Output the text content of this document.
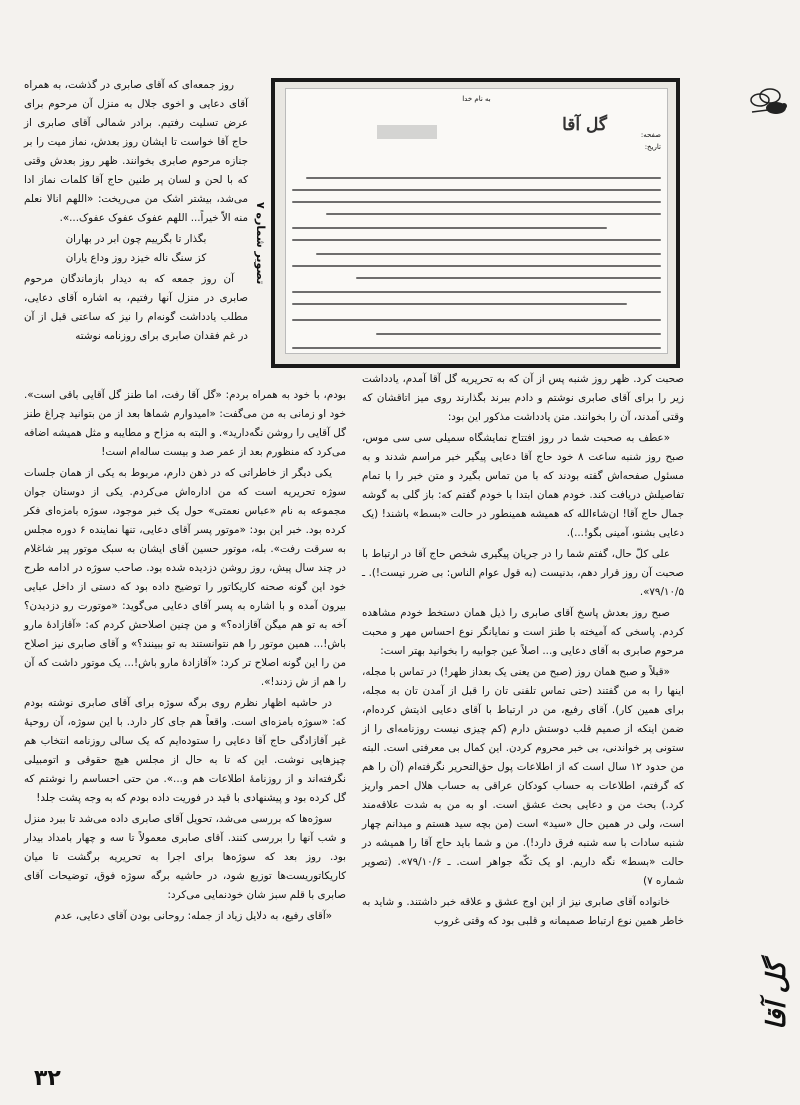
به نام خدا
گل آقا	صفحه:
تاریخ:
تصویر شماره ۷

روز جمعه‌ای که آقای صابری در گذشت، به همراه آقای دعایی و اخوی جلال به منزل آن مرحوم برای عرض تسلیت رفتیم. برادر شمالی آقای صابری از حاج آقا خواست تا ایشان روز بعدش، نماز میت را بر جنازه مرحوم صابری بخوانند. ظهر روز بعدش وقتی که با لحن و لسان پر طنین حاج آقا کلمات نماز ادا می‌شد، بیشتر اشک من می‌ریخت: «اللهم انالا نعلم منه الاّ خیراً... اللهم عفوک عفوک عفوک...».

بگذار تا بگرییم چون ابر در بهاران
کز سنگ ناله خیزد روز وداع یاران

آن روز جمعه که به دیدار بازماندگان مرحوم صابری در منزل آنها رفتیم، به اشاره آقای دعایی، مطلب یادداشت گونه‌ام را نیز که ساعتی قبل از آن در غم فقدان صابری برای روزنامه نوشته

بودم، با خود به همراه بردم: «گل آقا رفت، اما طنز گل آقایی باقی است». خود او زمانی به من می‌گفت: «امیدوارم شماها بعد از من بتوانید چراغ طنز گل آقایی را روشن نگه‌دارید». و البته به مزاح و مطایبه و مثل همیشه اضافه می‌کرد که منظورم بعد از عمر صد و بیست ساله‌ام است!

یکی دیگر از خاطراتی که در ذهن دارم، مربوط به یکی از همان جلسات سوژه تحریریه است که من اداره‌اش می‌کردم. یکی از دوستان جوان مجموعه به نام «عباس نعمتی» حول یک خبر موجود، سوژه با‌مزه‌ای فکر کرده بود. خبر این بود: «موتور پسر آقای دعایی، تنها نماینده ۶ دوره مجلس به سرقت رفت». بله، موتور حسین آقای ایشان به سبک موتور پیر شاغلام در چند سال پیش، روز روشن دزدیده شده بود. صاحب سوژه در ادامه طرح خود این گونه صحنه کاریکاتور را توضیح داده بود که دستی از داخل عبایی بیرون آمده و با اشاره به پسر آقای دعایی می‌گوید: «موتورت رو دزدیدن؟ آخه به تو هم میگن آقازاده؟» و من چنین اصلاحش کردم که: «آقازادهٔ مارو باش!... همین موتور را هم نتوانستند به تو ببینند؟» و آقای صابری نیز اصلاح من را این گونه اصلاح تر کرد: «آقازادهٔ مارو باش!... یک موتور داشت که آن را هم از ش زدند!».

در حاشیه اظهار نظرم روی برگه سوژه برای آقای صابری نوشته بودم که: «سوژه بامزه‌ای است. واقعاً هم جای کار دارد. با این سوژه، آن روحیهٔ غیر آقازادگی حاج آقا دعایی را ستوده‌ایم که یک سالی روزنامه انتخاب هم چیزهایی نوشت. این که تا به حال از مجلس هیچ حقوقی و اتومبیلی نگرفته‌اند و از روزنامهٔ اطلاعات هم و...». من حتی احساسم را نوشتم که گل کرده بود و پیشنهادی با قید در فوریت داده بودم که به وجه پشت جلد!

سوژه‌ها که بررسی می‌شد، تحویل آقای صابری داده می‌شد تا ببرد منزل و شب آنها را بررسی کنند. آقای صابری معمولاً تا سه و چهار بامداد بیدار بود. روز بعد که سوژه‌ها برای اجرا به تحریریه برگشت تا میان کاریکاتوریست‌ها توزیع شود، در حاشیه برگه سوژه فوق، توضیحات آقای صابری با قلم سبز شان خودنمایی می‌کرد:

«آقای رفیع، به دلایل زیاد از جمله: روحانی بودن آقای دعایی، عدم

صحبت کرد. ظهر روز شنبه پس از آن که به تحریریه گل آقا آمدم، یادداشت زیر را برای آقای صابری نوشتم و دادم ببرند بگذارند روی میز اتاقشان که وقتی آمدند، آن را بخوانند. متن یادداشت مذکور این بود:

«عطف به صحبت شما در روز افتتاح نمایشگاه سمیلی سی سی موس، صبح روز شنبه ساعت ۸ خود حاج آقا دعایی پیگیر خبر مراسم شدند و به مسئول صفحه‌اش گفته بودند که با من تماس بگیرد و متن خبر را با تمام تفاصیلش دریافت کند. خودم همان ابتدا با خودم گفتم که: باز گلی به گوشه جمال حاج آقا! ان‌شاءالله که همیشه همینطور در حالت «بسط» باشند! (یک دعایی بشنو، آمینی بگو!...).

علی کلّ حال، گفتم شما را در جریان پیگیری شخص حاج آقا در ارتباط با صحبت آن روز قرار دهم، بدنیست (به قول عوام الناس: بی ضرر نیست!). ـ ۷۹/۱۰/۵».

صبح روز بعدش پاسخ آقای صابری را ذیل همان دستخط خودم مشاهده کردم. پاسخی که آمیخته با طنز است و نمایانگر نوع احساس مهر و محبت مرحوم صابری به آقای دعایی و... اصلاً عین جوابیه را بخوانید بهتر است:

«قبلاً و صبح همان روز (صبح من یعنی یک بعداز ظهر!) در تماس با مجله، اینها را به من گفتند (حتی تماس تلفنی تان را قبل از آمدن تان به مجله، برای همین کار). آقای رفیع، من در ارتباط با آقای دعایی اذیتش کرده‌ام، ضمن اینکه از صمیم قلب دوستش دارم (کم چیزی نیست روزنامه‌ای را از ستونی پر خواندنی، بی خبر محروم کردن. این کمال بی معرفتی است. البته من حدود ۱۲ سال است که از اطلاعات پول حق‌التحریر نگرفته‌ام (آن را هم که گرفتم، اطلاعات به حساب کودکان عراقی به حساب هلال احمر واریز کرد.) بحث من و دعایی بحث عشق است. او به من به شدت علاقه‌مند است، ولی در همین حال «سید» است (من بچه سید هستم و میدانم چهار شنبه سادات با سه شنبه فرق دارد!). من و شما باید حاج آقا را همیشه در حالت «بسط» نگه داریم. او یک تکّه جواهر است. ـ ۷۹/۱۰/۶». (تصویر شماره ۷)

خانواده آقای صابری نیز از این اوج عشق و علاقه خبر داشتند. و شاید به خاطر همین نوع ارتباط صمیمانه و قلبی بود که وقتی غروب

گل آقا
۳۲
